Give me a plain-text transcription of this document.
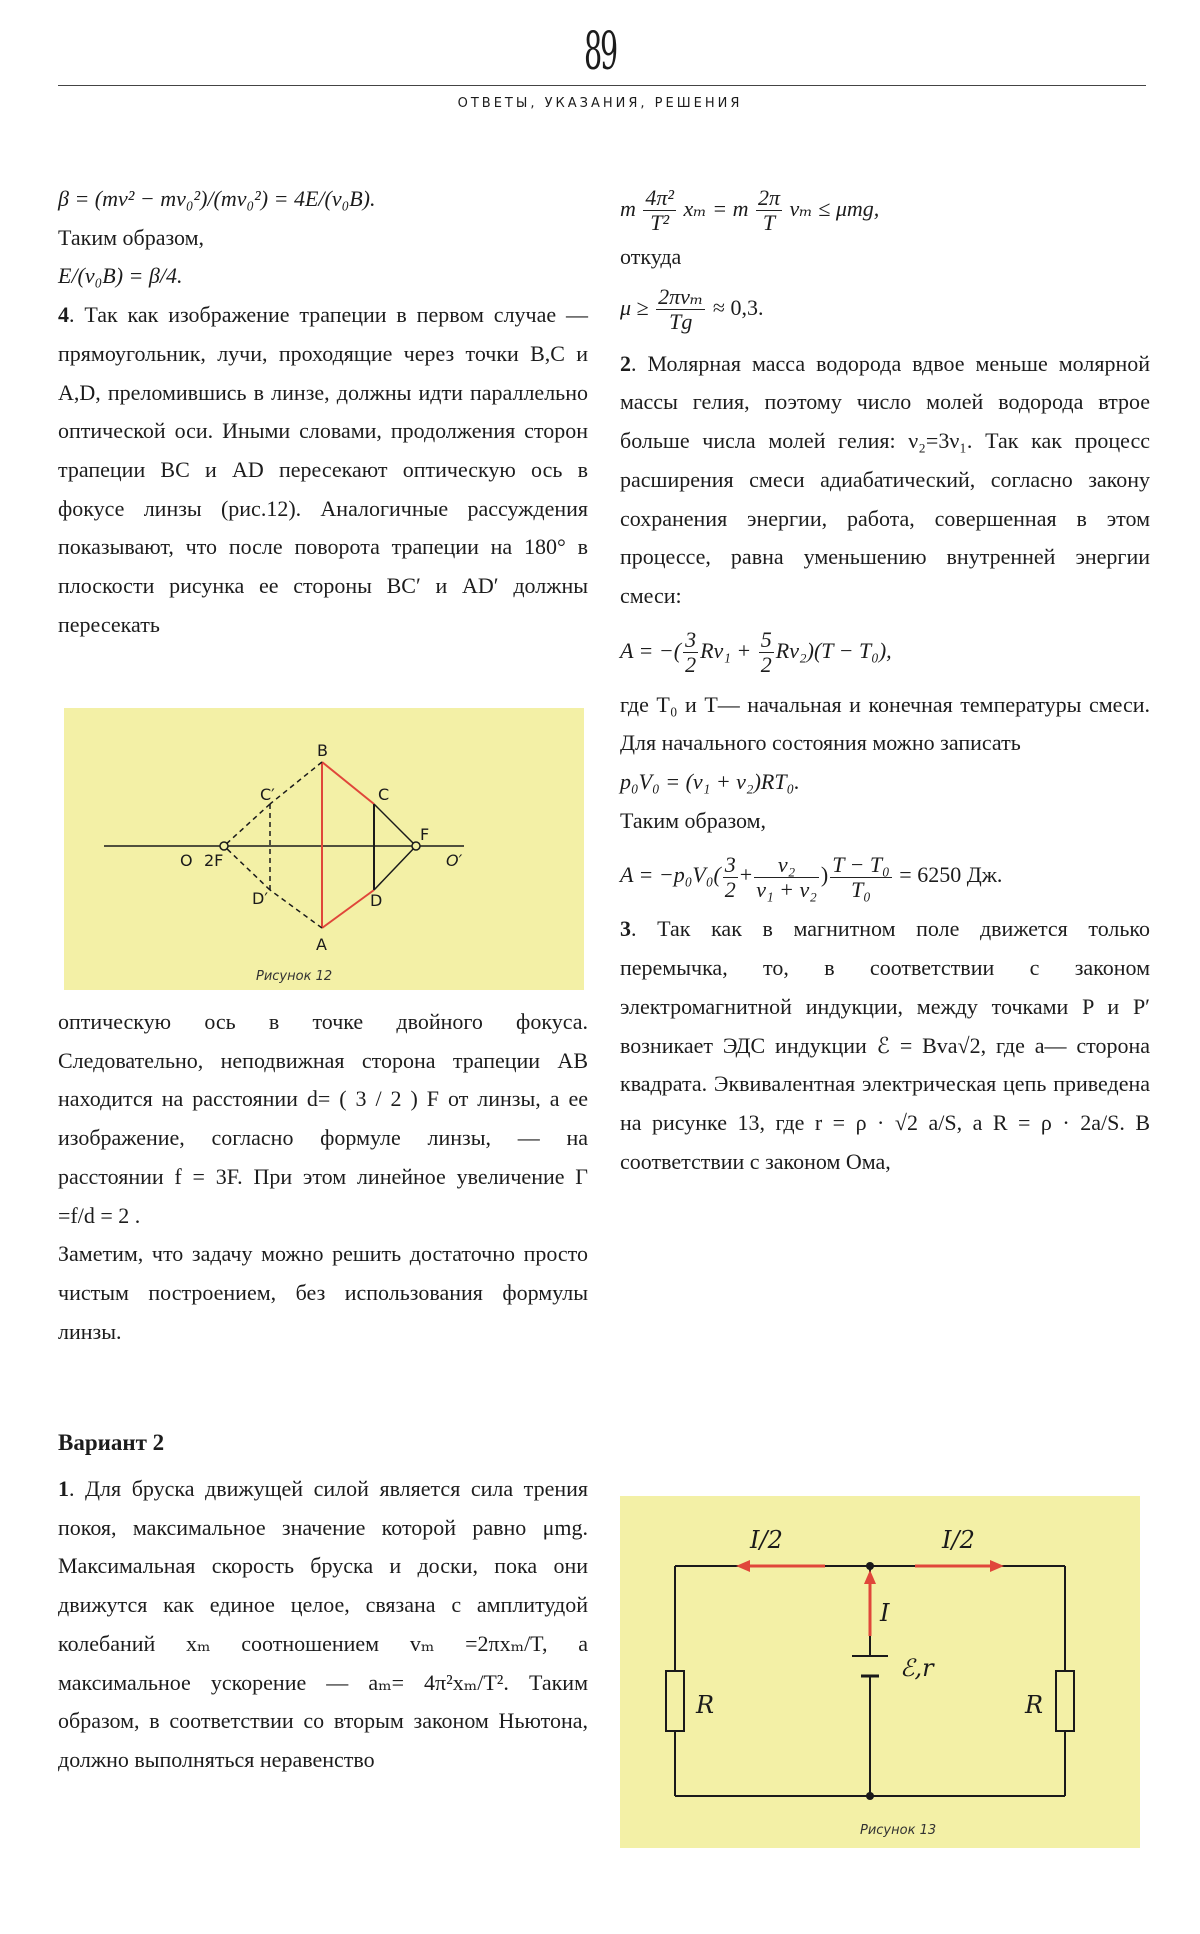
89
ОТВЕТЫ, УКАЗАНИЯ, РЕШЕНИЯ
β = (mv² − mv₀²)/(mv₀²) = 4E/(v₀B).
Таким образом,
E/(v₀B) = β/4.

4. Так как изображение трапеции в первом случае — прямоугольник, лучи, проходящие через точки B,C и A,D, преломившись в линзе, должны идти параллельно оптической оси. Иными словами, продолжения сторон трапеции BC и AD пересекают оптическую ось в фокусе линзы (рис.12). Аналогичные рассуждения показывают, что после поворота трапеции на 180° в плоскости рисунка ее стороны BC′ и AD′ должны пересекать

B
C′	C
F
O 2F	O′
D′	D
A
Рисунок 12

оптическую ось в точке двойного фокуса. Следовательно, неподвижная сторона трапеции AB находится на расстоянии d= ( 3 / 2 ) F от линзы, а ее изображение, согласно формуле линзы, — на расстоянии f = 3F. При этом линейное увеличение Γ =f/d = 2 .

Заметим, что задачу можно решить достаточно просто чистым построением, без использования формулы линзы.

Вариант 2

1. Для бруска движущей силой является сила трения покоя, максимальное значение которой равно μmg. Максимальная скорость бруска и доски, пока они движутся как единое целое, связана с амплитудой колебаний xₘ соотношением vₘ =2πxₘ/T, а максимальное ускорение — aₘ= 4π²xₘ/T². Таким образом, в соответствии со вторым законом Ньютона, должно выполняться неравенство

m $\frac{\text{4π²}}{\text{T²}}$ xₘ = m $\frac{2\pi}{T}$ vₘ ≤ μmg,
откуда
$\mu \ge \frac{\text{2πvₘ}}{Tg} \approx 0,3$.

2. Молярная масса водорода вдвое меньше молярной массы гелия, поэтому число молей водорода втрое больше числа молей гелия: ν₂=3ν₁. Так как процесс расширения смеси адиабатический, согласно закону сохранения энергии, работа, совершенная в этом процессе, равна уменьшению внутренней энергии смеси:

A = −( $\frac{3}{2} R\nu_1 + \frac{5}{2} R\nu_2)(T - T_0)$,

где T₀ и T— начальная и конечная температуры смеси. Для начального состояния можно записать

p₀V₀ = (ν₁ + ν₂)RT₀.
Таким образом,
$A = -p_0V_0( \frac{3}{2} + \frac{\text{ν₂}}{\text{ν₁ + ν₂}}$ ) $\frac{\text{T − T₀}}{\text{T₀}} = 6250$ Дж.

3. Так как в магнитном поле движется только перемычка, то, в соответствии с законом электромагнитной индукции, между точками P и P′ возникает ЭДС индукции ℰ = Bva√2, где a— сторона квадрата. Эквивалентная электрическая цепь приведена на рисунке 13, где r = ρ · √2 a/S, а R = ρ · 2a/S. В соответствии с законом Ома,

I/2	I/2
I
ℰ,r
R	R
Рисунок 13
